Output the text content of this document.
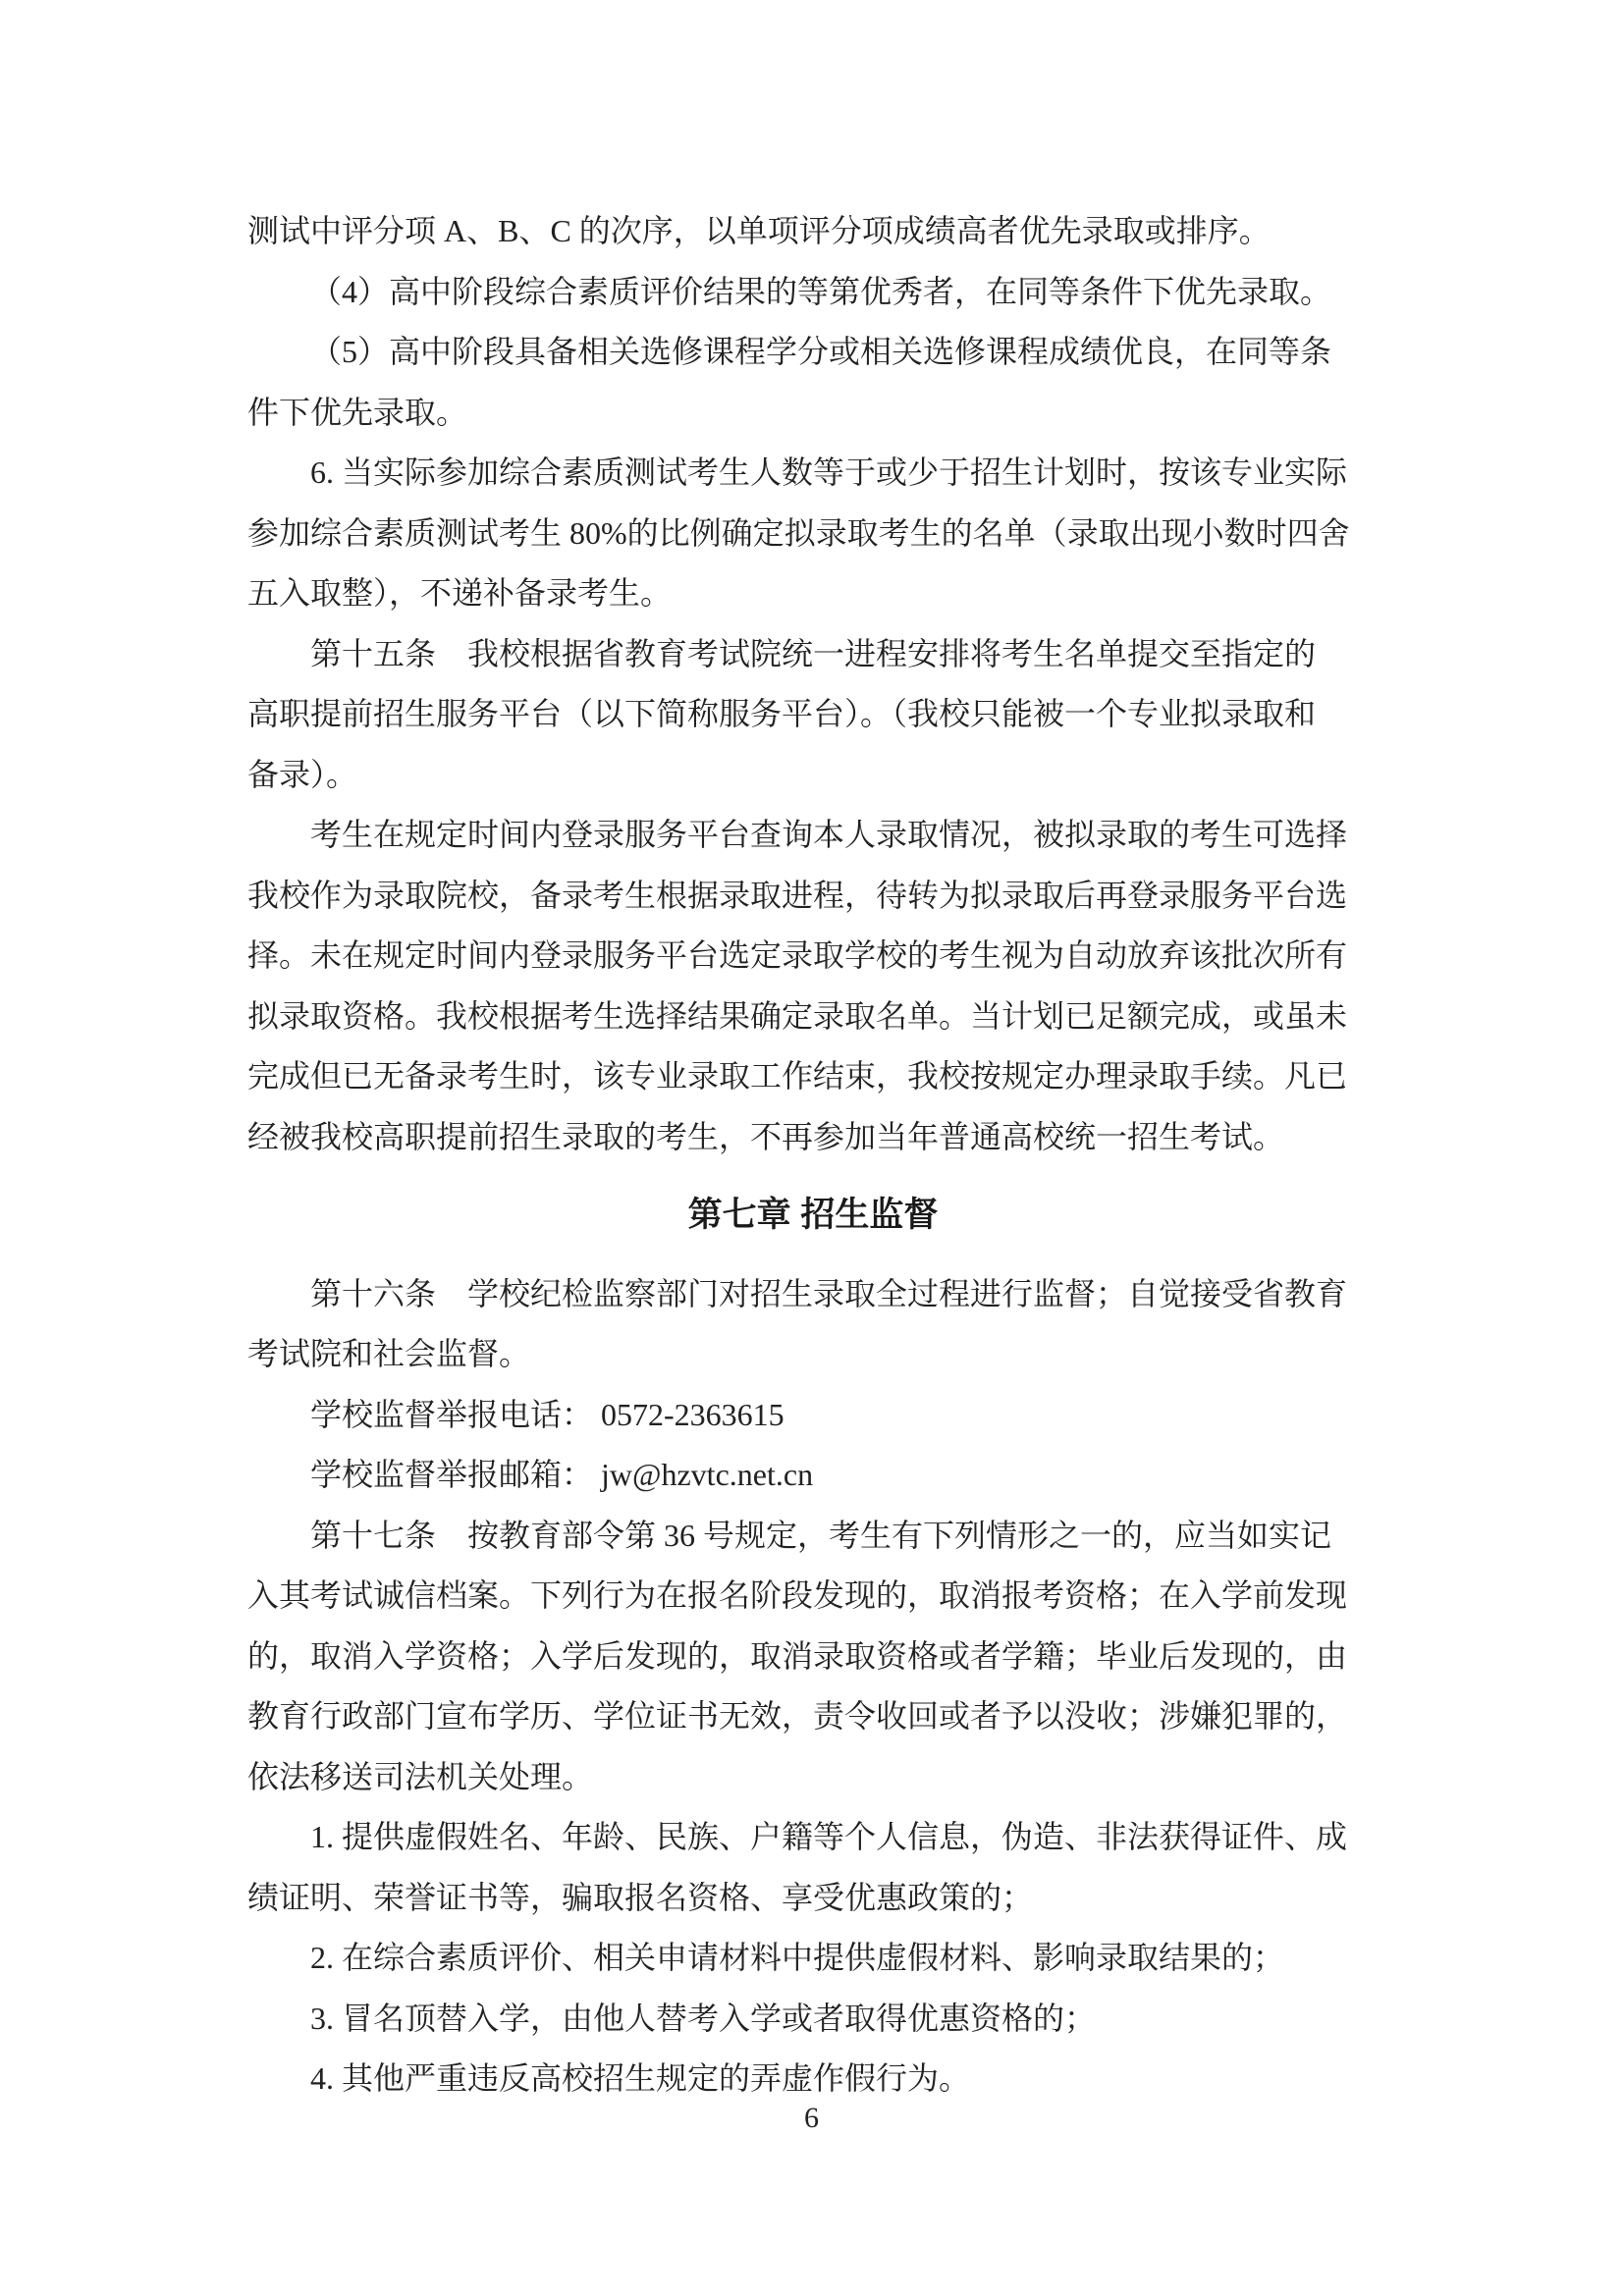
测试中评分项 A、B、C 的次序，以单项评分项成绩高者优先录取或排序。
（4）高中阶段综合素质评价结果的等第优秀者，在同等条件下优先录取。
（5）高中阶段具备相关选修课程学分或相关选修课程成绩优良，在同等条
件下优先录取。
6. 当实际参加综合素质测试考生人数等于或少于招生计划时，按该专业实际
参加综合素质测试考生 80%的比例确定拟录取考生的名单（录取出现小数时四舍
五入取整），不递补备录考生。
第十五条　我校根据省教育考试院统一进程安排将考生名单提交至指定的
高职提前招生服务平台（以下简称服务平台）。（我校只能被一个专业拟录取和
备录）。
考生在规定时间内登录服务平台查询本人录取情况，被拟录取的考生可选择
我校作为录取院校，备录考生根据录取进程，待转为拟录取后再登录服务平台选
择。未在规定时间内登录服务平台选定录取学校的考生视为自动放弃该批次所有
拟录取资格。我校根据考生选择结果确定录取名单。当计划已足额完成，或虽未
完成但已无备录考生时，该专业录取工作结束，我校按规定办理录取手续。凡已
经被我校高职提前招生录取的考生，不再参加当年普通高校统一招生考试。
第七章 招生监督
第十六条　学校纪检监察部门对招生录取全过程进行监督；自觉接受省教育
考试院和社会监督。
学校监督举报电话： 0572-2363615
学校监督举报邮箱： jw@hzvtc.net.cn
第十七条　按教育部令第 36 号规定，考生有下列情形之一的，应当如实记
入其考试诚信档案。下列行为在报名阶段发现的，取消报考资格；在入学前发现
的，取消入学资格；入学后发现的，取消录取资格或者学籍；毕业后发现的，由
教育行政部门宣布学历、学位证书无效，责令收回或者予以没收；涉嫌犯罪的，
依法移送司法机关处理。
1. 提供虚假姓名、年龄、民族、户籍等个人信息，伪造、非法获得证件、成
绩证明、荣誉证书等，骗取报名资格、享受优惠政策的；
2. 在综合素质评价、相关申请材料中提供虚假材料、影响录取结果的；
3. 冒名顶替入学，由他人替考入学或者取得优惠资格的；
4. 其他严重违反高校招生规定的弄虚作假行为。
6
